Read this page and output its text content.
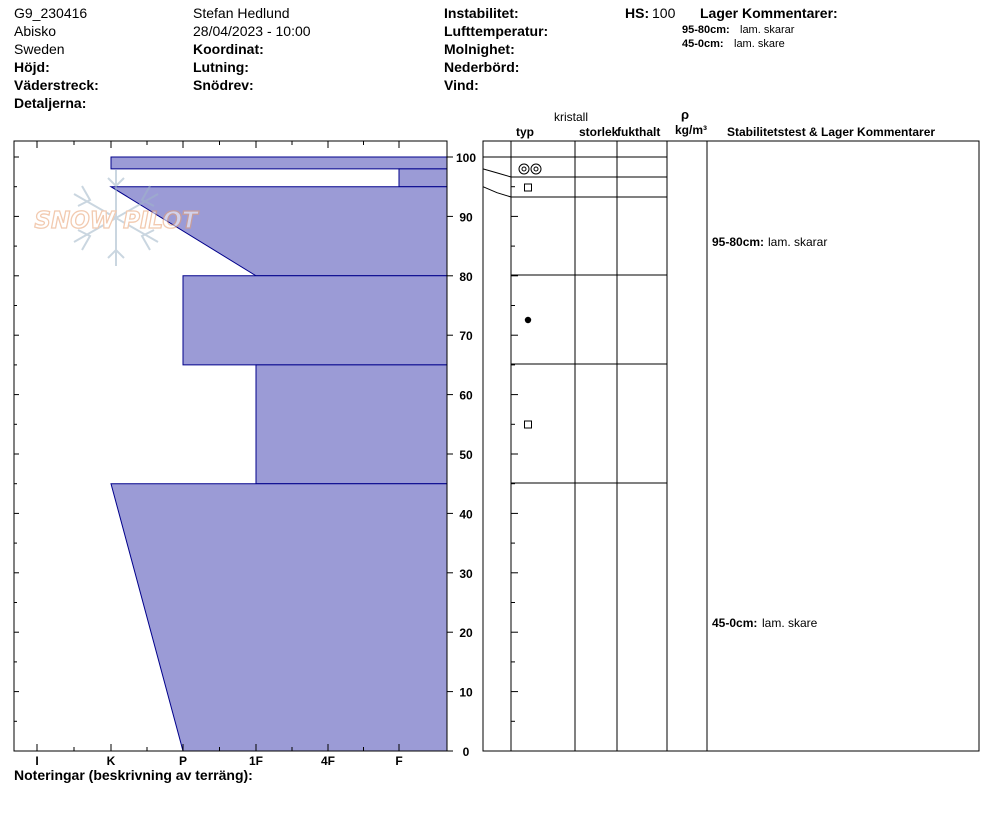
G9_230416
Abisko
Sweden
Höjd:
Väderstreck:
Detaljerna:
Stefan Hedlund
28/04/2023 - 10:00
Koordinat:
Lutning:
Snödrev:
Instabilitet:
Lufttemperatur:
Molnighet:
Nederbörd:
Vind:
HS: 100 Lager Kommentarer:
95-80cm: lam. skarar
45-0cm: lam. skare
kristall
typ	storlek
fukthalt
ρ
kg/m³ Stabilitetstest & Lager Kommentarer
SNOW PILOT
I	K	P	1F	4F	F
0
10
20
30
40
50
60
70
80
90
100
95-80cm: lam. skarar
45-0cm: lam. skare
Noteringar (beskrivning av terräng):
